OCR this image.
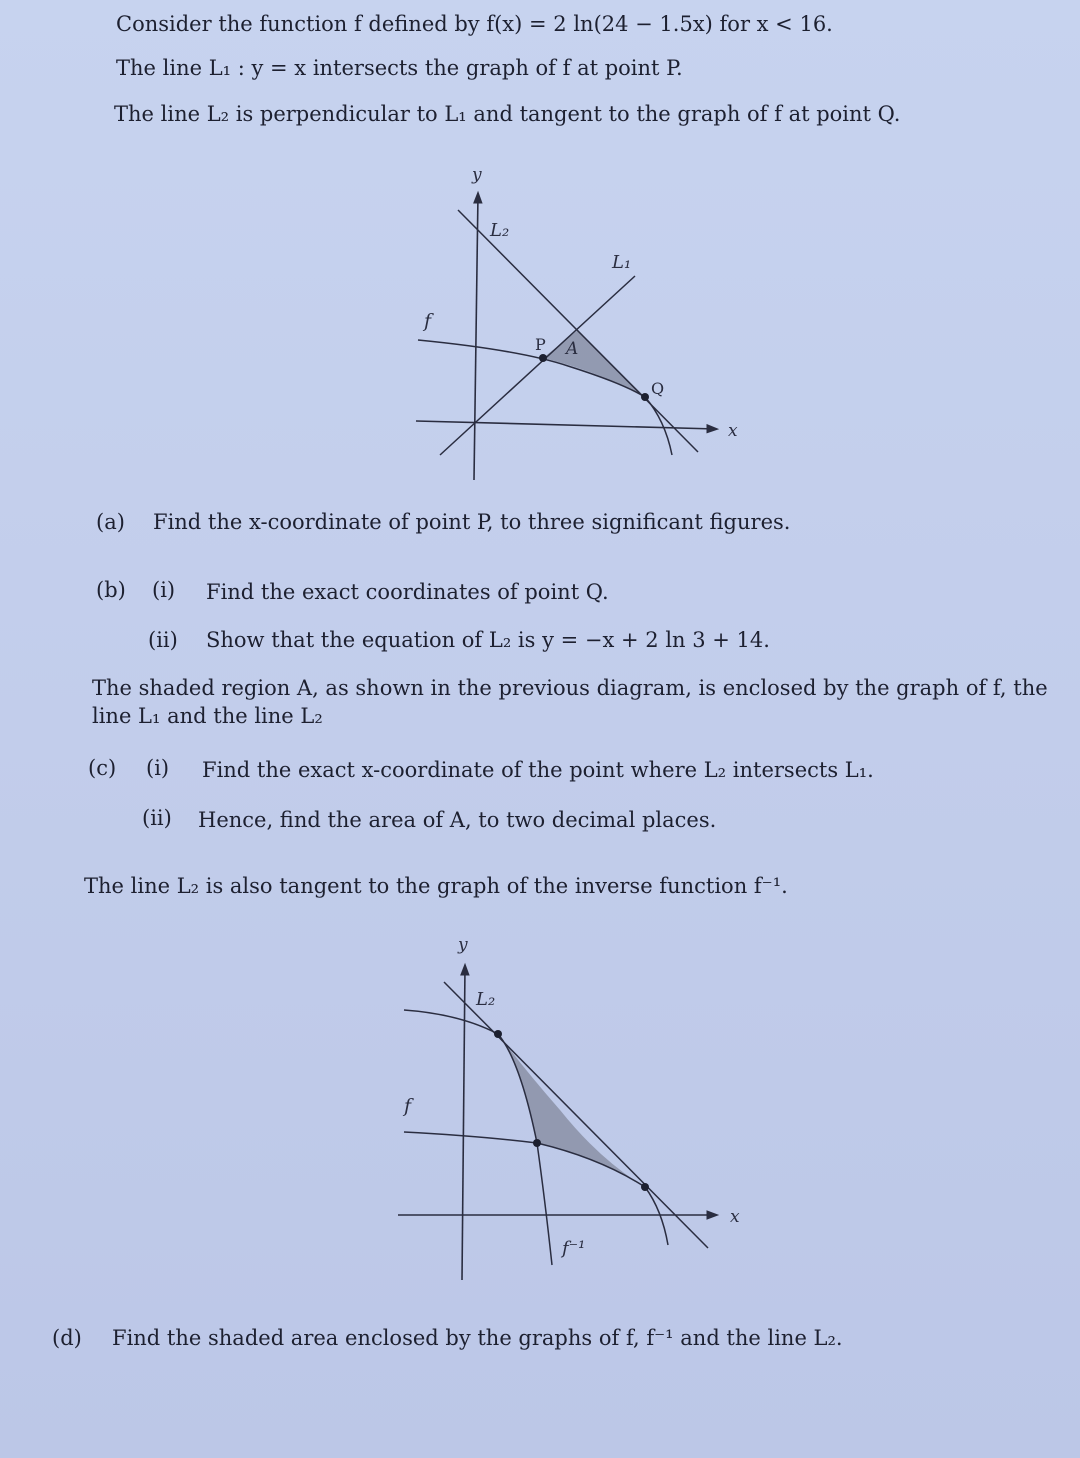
Consider the function f defined by f(x) = 2 ln(24 − 1.5x) for x < 16.
The line L₁ : y = x intersects the graph of f at point P.
The line L₂ is perpendicular to L₁ and tangent to the graph of f at point Q.
y
L₂
L₁
f
P A
Q
x
(a) Find the x-coordinate of point P, to three significant figures.
(b) (i) Find the exact coordinates of point Q.
(ii) Show that the equation of L₂ is y = −x + 2 ln 3 + 14.
The shaded region A, as shown in the previous diagram, is enclosed by the graph of f, the
line L₁ and the line L₂
(c) (i) Find the exact x-coordinate of the point where L₂ intersects L₁.
(ii) Hence, find the area of A, to two decimal places.
The line L₂ is also tangent to the graph of the inverse function f⁻¹.
y
L₂
f
f⁻¹
x
(d) Find the shaded area enclosed by the graphs of f, f⁻¹ and the line L₂.
